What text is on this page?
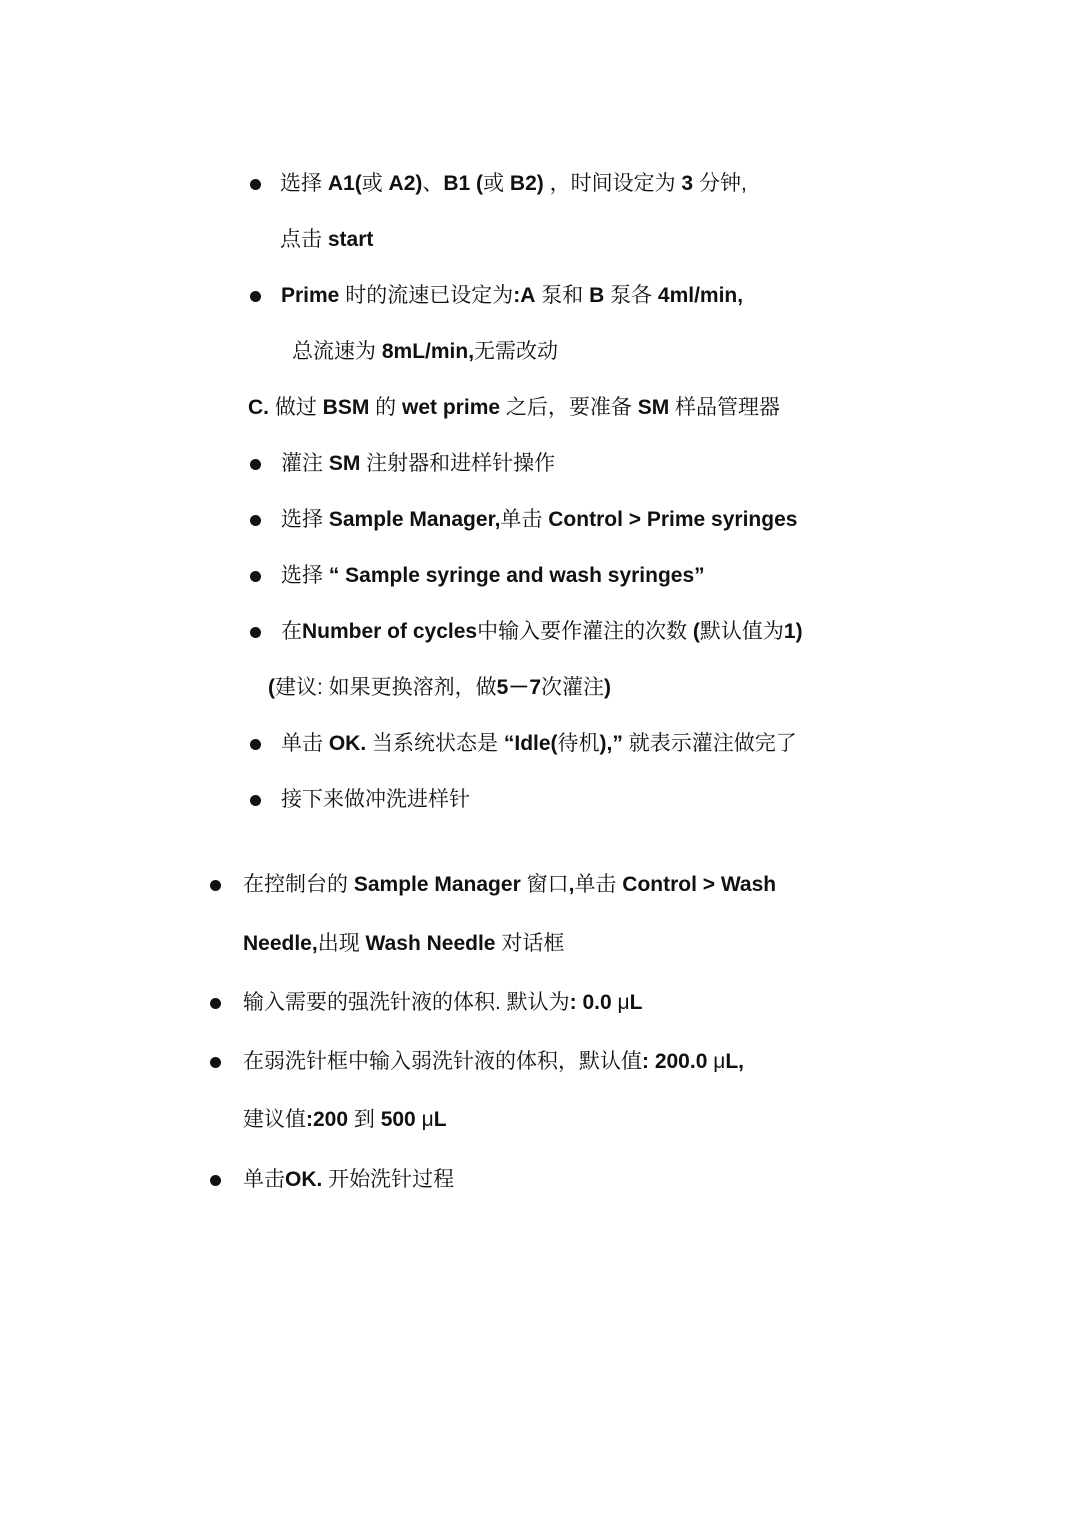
选择 A1(或 A2)、B1 (或 B2) ，时间设定为 3 分钟,
点击 start
Prime 时的流速已设定为:A 泵和 B 泵各 4ml/min,
总流速为 8mL/min,无需改动
C. 做过 BSM 的 wet prime 之后，要准备 SM 样品管理器
灌注 SM 注射器和进样针操作
选择 Sample Manager,单击 Control > Prime syringes
选择 “ Sample syringe and wash syringes”
在Number of cycles中输入要作灌注的次数 (默认值为1)
(建议: 如果更换溶剂，做5－7次灌注)
单击 OK. 当系统状态是 “Idle(待机),” 就表示灌注做完了
接下来做冲洗进样针
在控制台的 Sample Manager 窗口,单击 Control > Wash
Needle,出现 Wash Needle 对话框
输入需要的强洗针液的体积. 默认为: 0.0 μL
在弱洗针框中输入弱洗针液的体积，默认值: 200.0 μL,
建议值:200 到 500 μL
单击OK. 开始洗针过程
